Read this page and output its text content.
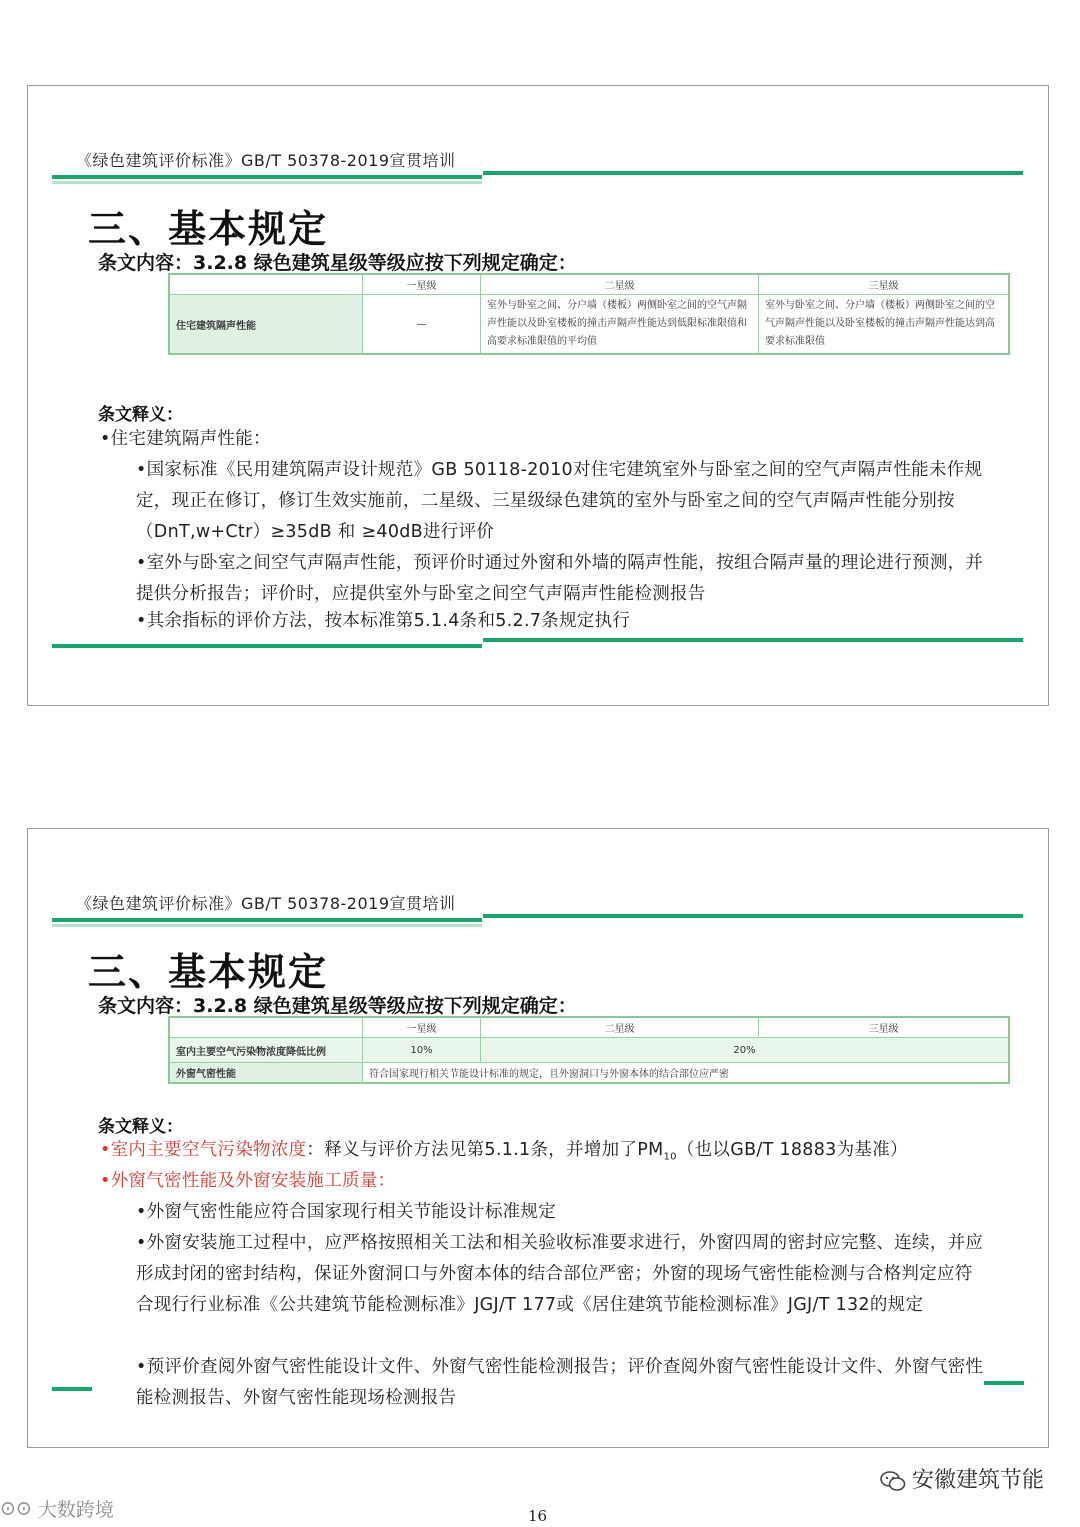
《绿色建筑评价标准》GB/T 50378-2019宣贯培训
三、基本规定
条文内容：3.2.8 绿色建筑星级等级应按下列规定确定：
	一星级	二星级	三星级
住宅建筑隔声性能	—	室外与卧室之间、分户墙（楼板）两侧卧室之间的空气声隔声性能以及卧室楼板的撞击声隔声性能达到低限标准限值和高要求标准限值的平均值	室外与卧室之间、分户墙（楼板）两侧卧室之间的空气声隔声性能以及卧室楼板的撞击声隔声性能达到高要求标准限值
条文释义：
•住宅建筑隔声性能：
•国家标准《民用建筑隔声设计规范》GB 50118-2010对住宅建筑室外与卧室之间的空气声隔声性能未作规定，现正在修订，修订生效实施前，二星级、三星级绿色建筑的室外与卧室之间的空气声隔声性能分别按（DnT,w+Ctr）≥35dB 和 ≥40dB进行评价
•室外与卧室之间空气声隔声性能，预评价时通过外窗和外墙的隔声性能，按组合隔声量的理论进行预测，并提供分析报告；评价时，应提供室外与卧室之间空气声隔声性能检测报告
•其余指标的评价方法，按本标准第5.1.4条和5.2.7条规定执行
《绿色建筑评价标准》GB/T 50378-2019宣贯培训
三、基本规定
条文内容：3.2.8 绿色建筑星级等级应按下列规定确定：
	一星级	二星级	三星级
室内主要空气污染物浓度降低比例	10%	20%	
外窗气密性能	符合国家现行相关节能设计标准的规定，且外窗洞口与外窗本体的结合部位应严密		
条文释义：
•室内主要空气污染物浓度：释义与评价方法见第5.1.1条，并增加了$PM_{10}$（也以GB/T 18883为基准）
•外窗气密性能及外窗安装施工质量：
•外窗气密性能应符合国家现行相关节能设计标准规定
•外窗安装施工过程中，应严格按照相关工法和相关验收标准要求进行，外窗四周的密封应完整、连续，并应形成封闭的密封结构，保证外窗洞口与外窗本体的结合部位严密；外窗的现场气密性能检测与合格判定应符合现行行业标准《公共建筑节能检测标准》JGJ/T 177或《居住建筑节能检测标准》JGJ/T 132的规定
•预评价查阅外窗气密性能设计文件、外窗气密性能检测报告；评价查阅外窗气密性能设计文件、外窗气密性能检测报告、外窗气密性能现场检测报告
⊙⊙ 大数跨境
安徽建筑节能
16
